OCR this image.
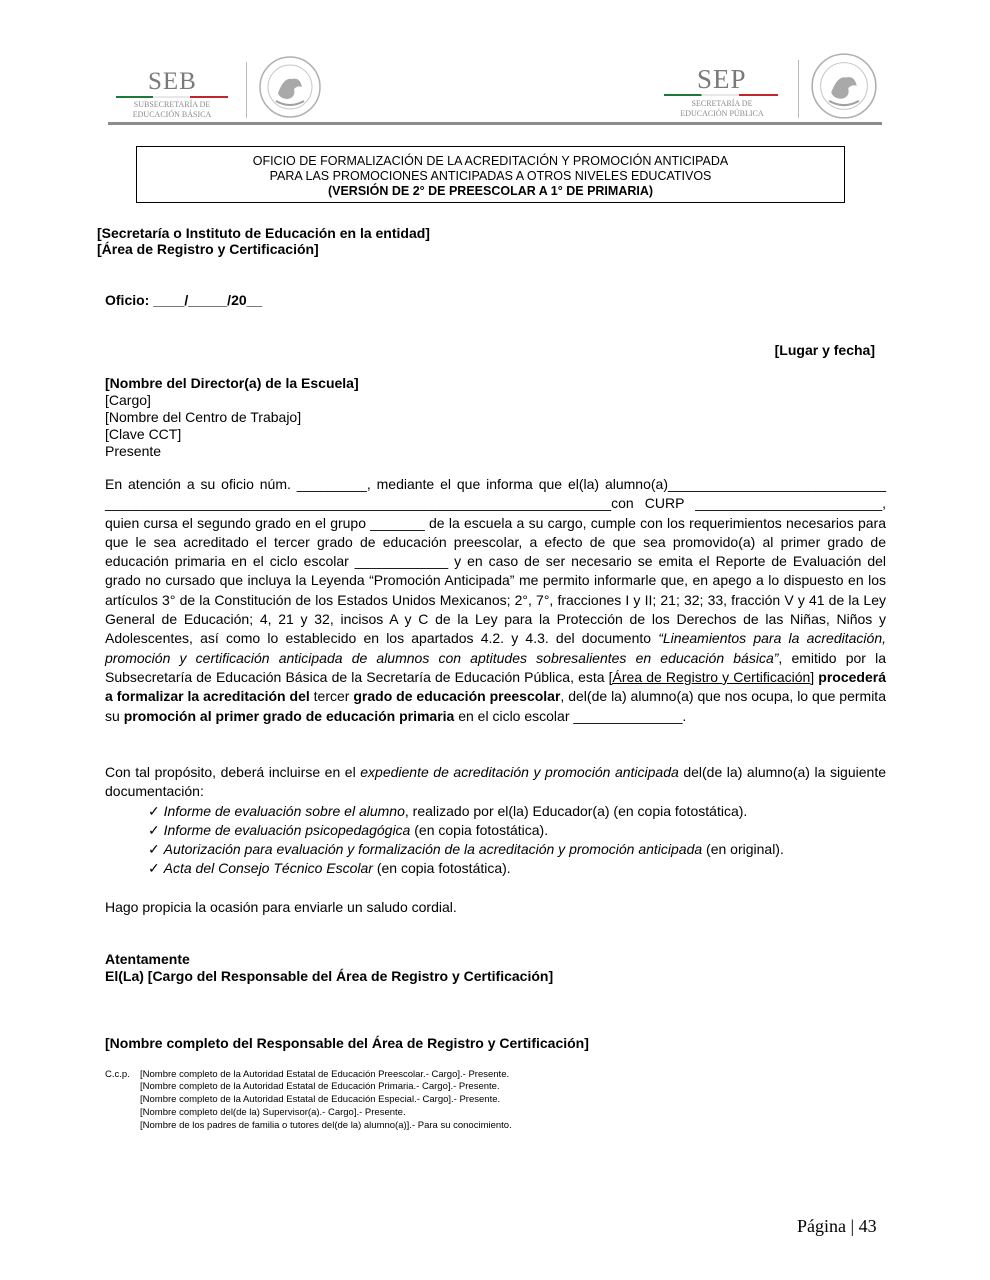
SEB
SUBSECRETARÍA DE
EDUCACIÓN BÁSICA
SEP
SECRETARÍA DE
EDUCACIÓN PÚBLICA
OFICIO DE FORMALIZACIÓN DE LA ACREDITACIÓN Y PROMOCIÓN ANTICIPADA
PARA LAS PROMOCIONES ANTICIPADAS A OTROS NIVELES EDUCATIVOS
(VERSIÓN DE 2° DE PREESCOLAR A 1° DE PRIMARIA)
[Secretaría o Instituto de Educación en la entidad]
[Área de Registro y Certificación]
Oficio: ____/_____/20__
[Lugar y fecha]
[Nombre del Director(a) de la Escuela]
[Cargo]
[Nombre del Centro de Trabajo]
[Clave CCT]
Presente
En atención a su oficio núm. _________, mediante el que informa que el(la) alumno(a)____________________________ _________________________________________________________________con CURP ________________________, quien cursa el segundo grado en el grupo _______ de la escuela a su cargo, cumple con los requerimientos necesarios para que le sea acreditado el tercer grado de educación preescolar, a efecto de que sea promovido(a) al primer grado de educación primaria en el ciclo escolar ____________ y en caso de ser necesario se emita el Reporte de Evaluación del grado no cursado que incluya la Leyenda “Promoción Anticipada” me permito informarle que, en apego a lo dispuesto en los artículos 3° de la Constitución de los Estados Unidos Mexicanos; 2°, 7°, fracciones I y II; 21; 32; 33, fracción V y 41 de la Ley General de Educación; 4, 21 y 32, incisos A y C de la Ley para la Protección de los Derechos de las Niñas, Niños y Adolescentes, así como lo establecido en los apartados 4.2. y 4.3. del documento “Lineamientos para la acreditación, promoción y certificación anticipada de alumnos con aptitudes sobresalientes en educación básica”, emitido por la Subsecretaría de Educación Básica de la Secretaría de Educación Pública, esta [Área de Registro y Certificación] procederá a formalizar la acreditación del tercer grado de educación preescolar, del(de la) alumno(a) que nos ocupa, lo que permita su promoción al primer grado de educación primaria en el ciclo escolar ______________.
Con tal propósito, deberá incluirse en el expediente de acreditación y promoción anticipada del(de la) alumno(a) la siguiente documentación:
✓ Informe de evaluación sobre el alumno, realizado por el(la) Educador(a) (en copia fotostática).
✓ Informe de evaluación psicopedagógica (en copia fotostática).
✓ Autorización para evaluación y formalización de la acreditación y promoción anticipada (en original).
✓ Acta del Consejo Técnico Escolar (en copia fotostática).
Hago propicia la ocasión para enviarle un saludo cordial.
Atentamente
El(La) [Cargo del Responsable del Área de Registro y Certificación]
[Nombre completo del Responsable del Área de Registro y Certificación]
C.c.p. [Nombre completo de la Autoridad Estatal de Educación Preescolar.- Cargo].- Presente.
[Nombre completo de la Autoridad Estatal de Educación Primaria.- Cargo].- Presente.
[Nombre completo de la Autoridad Estatal de Educación Especial.- Cargo].- Presente.
[Nombre completo del(de la) Supervisor(a).- Cargo].- Presente.
[Nombre de los padres de familia o tutores del(de la) alumno(a)].- Para su conocimiento.
Página | 43
